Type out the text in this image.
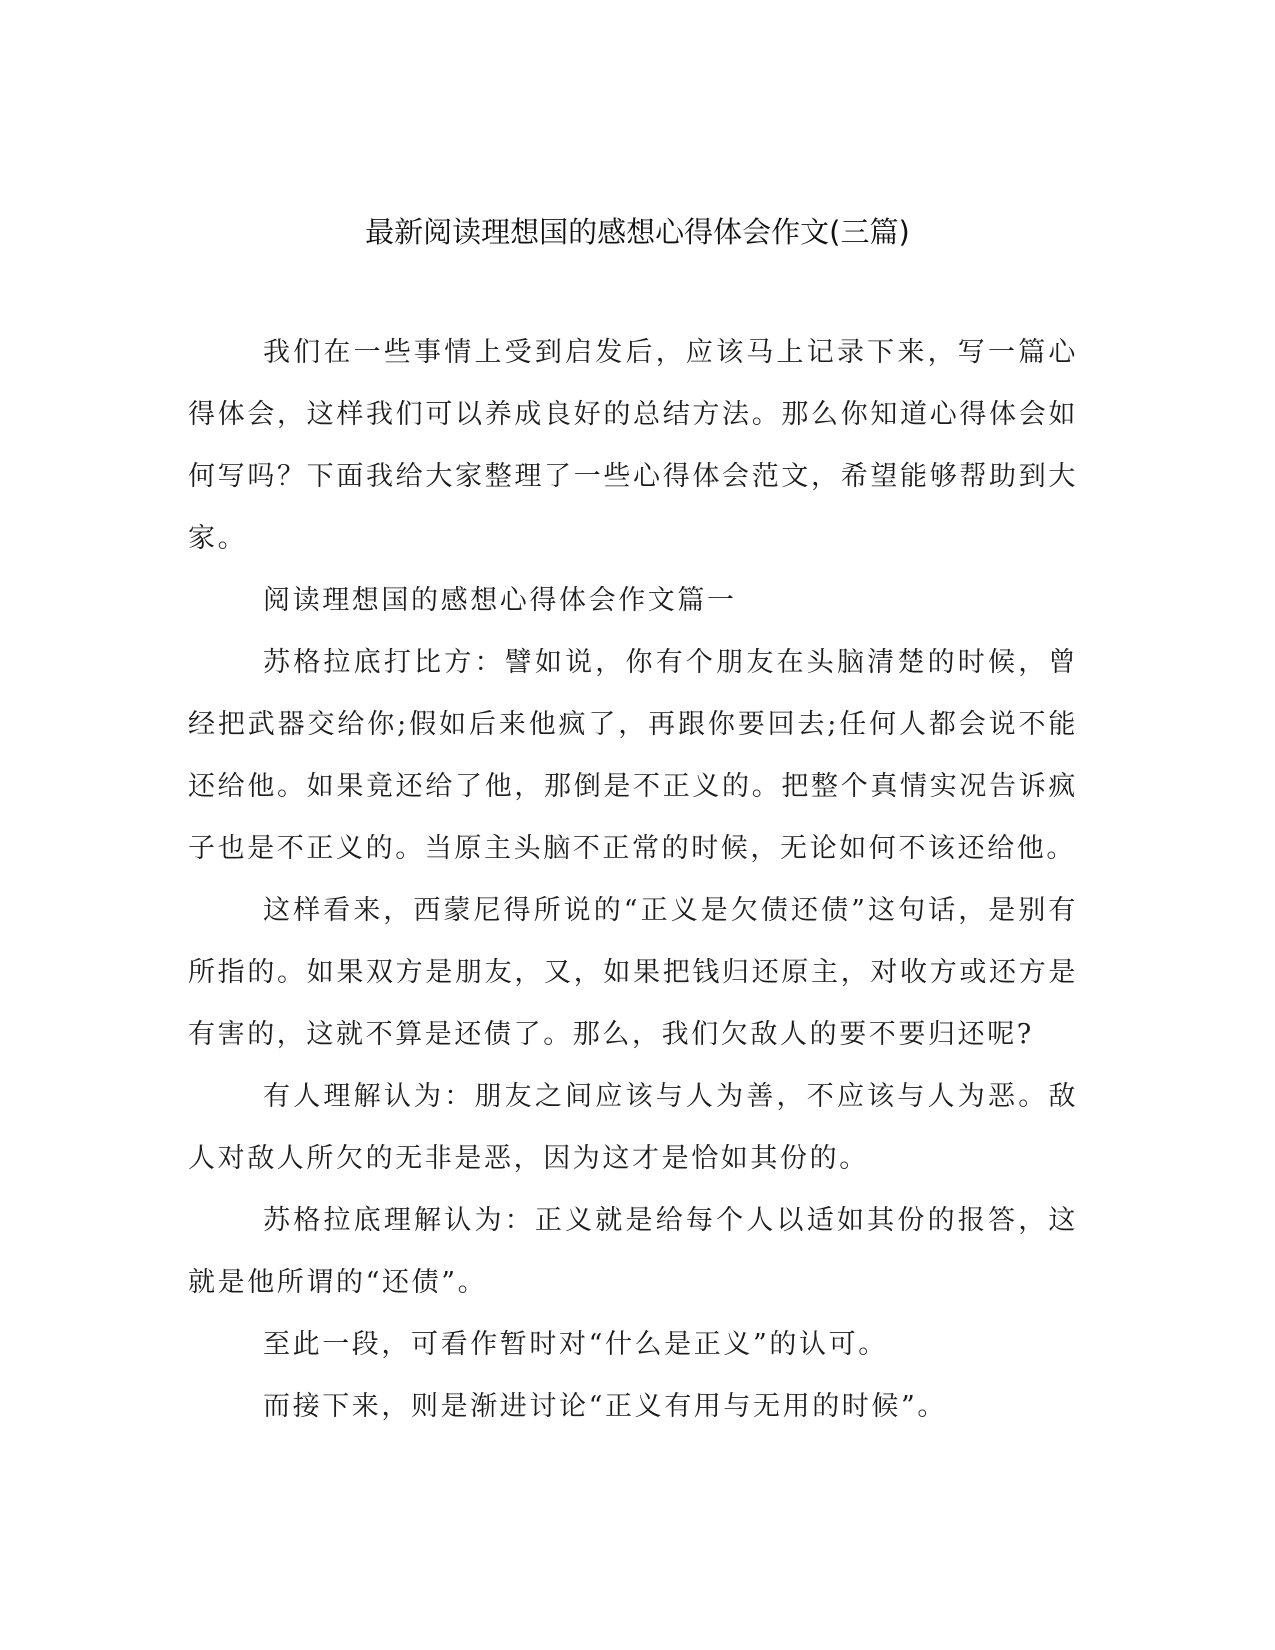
最新阅读理想国的感想心得体会作文(三篇)

我们在一些事情上受到启发后，应该马上记录下来，写一篇心得体会，这样我们可以养成良好的总结方法。那么你知道心得体会如何写吗？下面我给大家整理了一些心得体会范文，希望能够帮助到大家。

阅读理想国的感想心得体会作文篇一

苏格拉底打比方：譬如说，你有个朋友在头脑清楚的时候，曾经把武器交给你;假如后来他疯了，再跟你要回去;任何人都会说不能还给他。如果竟还给了他，那倒是不正义的。把整个真情实况告诉疯子也是不正义的。当原主头脑不正常的时候，无论如何不该还给他。

这样看来，西蒙尼得所说的“正义是欠债还债”这句话，是别有所指的。如果双方是朋友，又，如果把钱归还原主，对收方或还方是有害的，这就不算是还债了。那么，我们欠敌人的要不要归还呢?

有人理解认为：朋友之间应该与人为善，不应该与人为恶。敌人对敌人所欠的无非是恶，因为这才是恰如其份的。

苏格拉底理解认为：正义就是给每个人以适如其份的报答，这就是他所谓的“还债”。

至此一段，可看作暂时对“什么是正义”的认可。

而接下来，则是渐进讨论“正义有用与无用的时候”。
